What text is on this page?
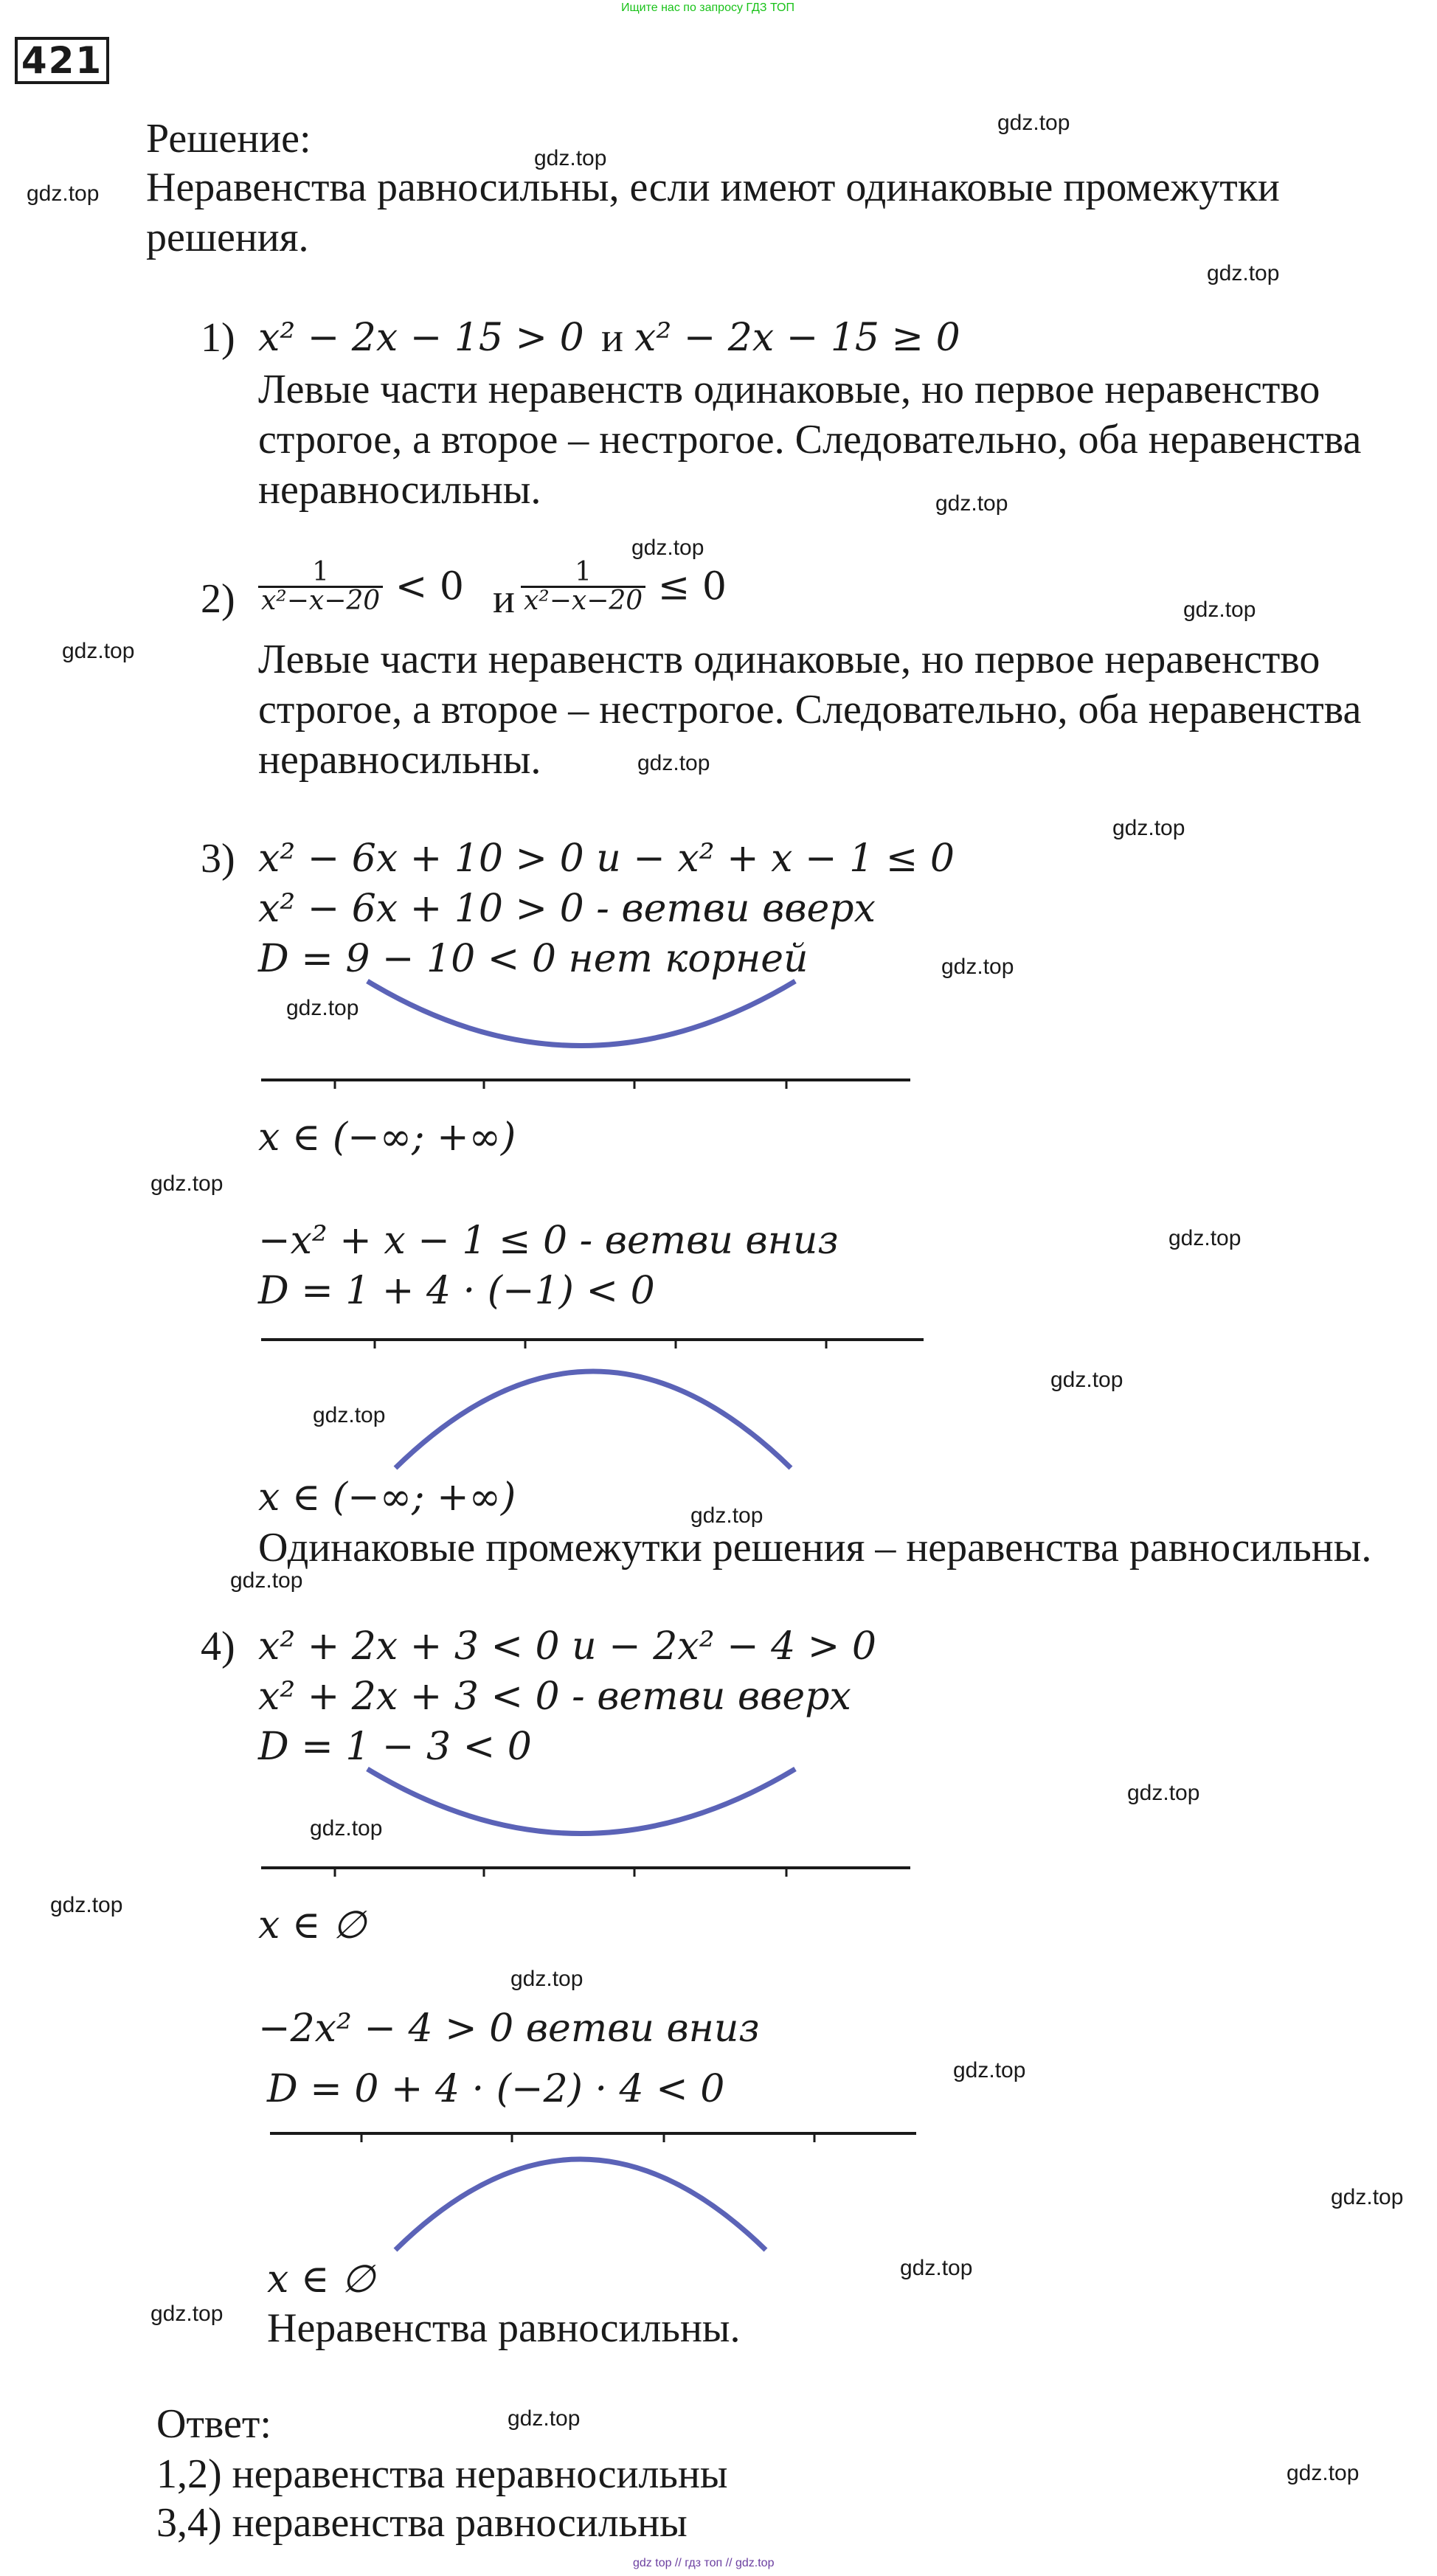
Ищите нас по запросу ГДЗ ТОП
421
Решение:
Неравенства равносильны, если имеют одинаковые промежутки
решения.
1) x² − 2x − 15 > 0 и x² − 2x − 15 ≥ 0
Левые части неравенств одинаковые, но первое неравенство
строгое, а второе – нестрогое. Следовательно, оба неравенства
неравносильны.
$2) \frac{1}{\text{x²−x−20}} < 0$ и $\frac{1}{\text{x²−x−20}} \le 0$
Левые части неравенств одинаковые, но первое неравенство
строгое, а второе – нестрогое. Следовательно, оба неравенства
неравносильны.
3) x² − 6x + 10 > 0 и − x² + x − 1 ≤ 0
x² − 6x + 10 > 0 - ветви вверх
D = 9 − 10 < 0 нет корней
x ∈ (−∞; +∞)
−x² + x − 1 ≤ 0 - ветви вниз
D = 1 + 4 · (−1) < 0
x ∈ (−∞; +∞)
Одинаковые промежутки решения – неравенства равносильны.
4) x² + 2x + 3 < 0 и − 2x² − 4 > 0
x² + 2x + 3 < 0 - ветви вверх
D = 1 − 3 < 0
x ∈ ∅
−2x² − 4 > 0 ветви вниз
D = 0 + 4 · (−2) · 4 < 0
x ∈ ∅
Неравенства равносильны.
Ответ:
1,2) неравенства неравносильны
3,4) неравенства равносильны
gdz top // гдз топ // gdz.top
gdz.top
gdz.top
gdz.top
gdz.top
gdz.top
gdz.top
gdz.top
gdz.top
gdz.top
gdz.top
gdz.top
gdz.top
gdz.top
gdz.top
gdz.top
gdz.top
gdz.top
gdz.top
gdz.top
gdz.top
gdz.top
gdz.top
gdz.top
gdz.top
gdz.top
gdz.top
gdz.top
gdz.top
